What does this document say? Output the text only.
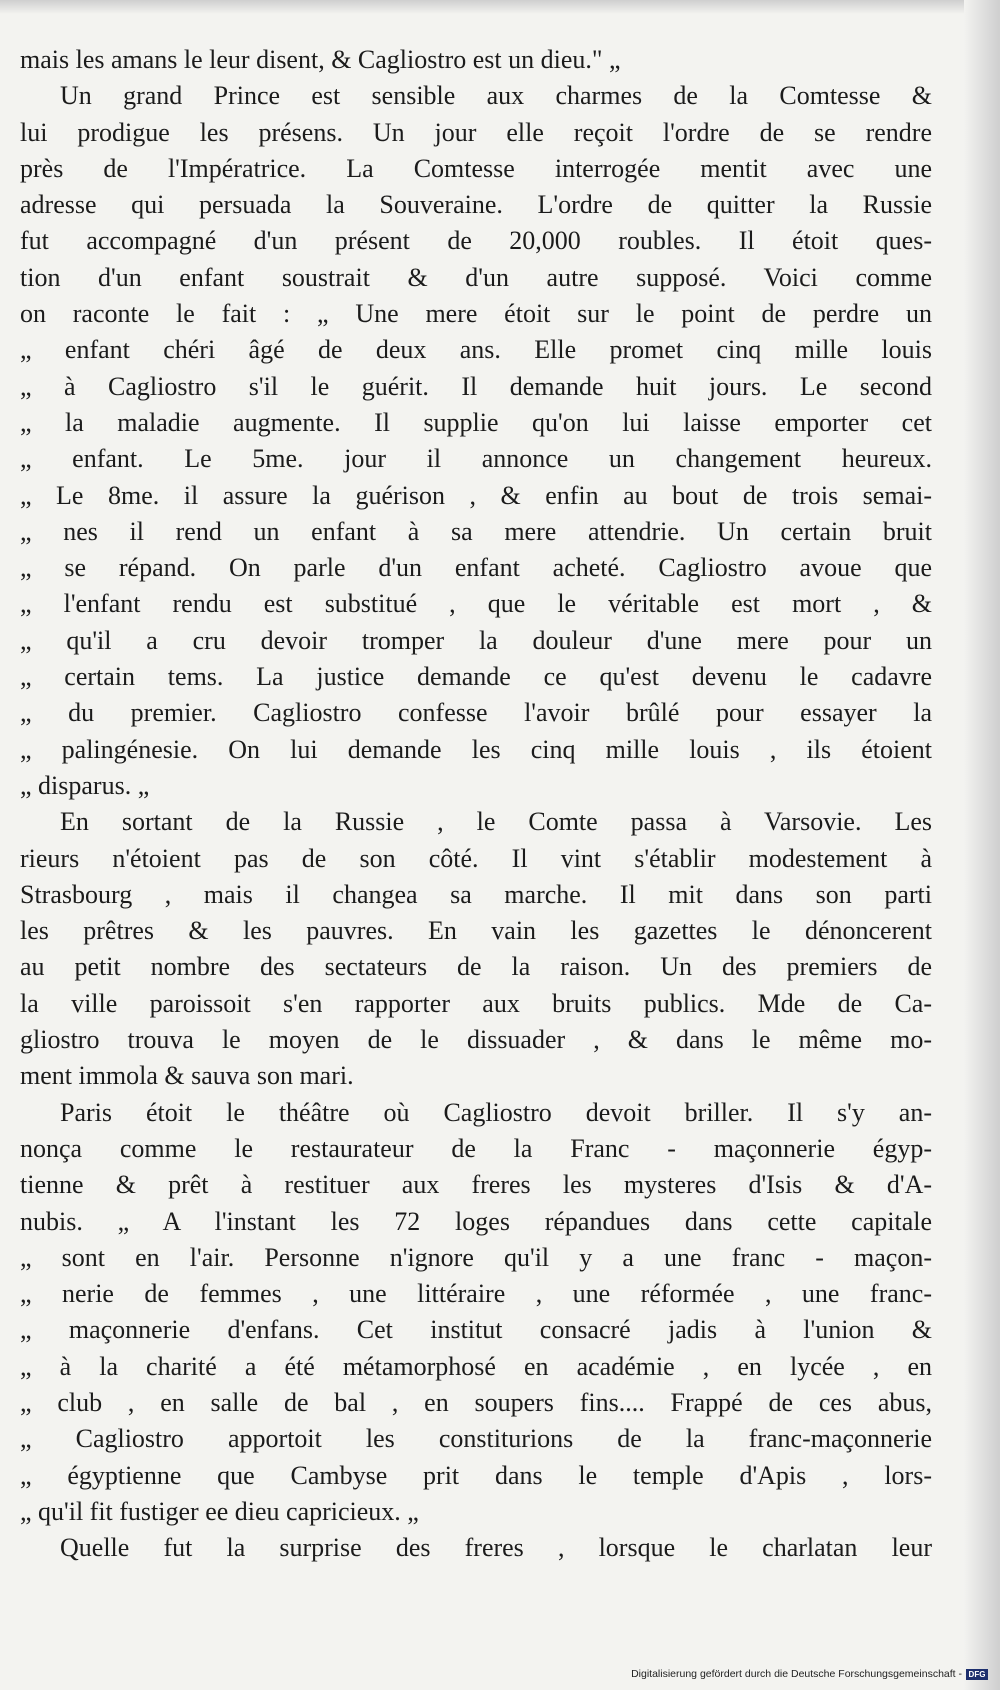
mais les amans le leur disent, & Cagliostro est un dieu." „
Un grand Prince est sensible aux charmes de la Comtesse &
lui prodigue les présens. Un jour elle reçoit l'ordre de se rendre
près de l'Impératrice. La Comtesse interrogée mentit avec une
adresse qui persuada la Souveraine. L'ordre de quitter la Russie
fut accompagné d'un présent de 20,000 roubles. Il étoit ques-
tion d'un enfant soustrait & d'un autre supposé. Voici comme
on raconte le fait : „ Une mere étoit sur le point de perdre un
„ enfant chéri âgé de deux ans. Elle promet cinq mille louis
„ à Cagliostro s'il le guérit. Il demande huit jours. Le second
„ la maladie augmente. Il supplie qu'on lui laisse emporter cet
„ enfant. Le 5me. jour il annonce un changement heureux.
„ Le 8me. il assure la guérison , & enfin au bout de trois semai-
„ nes il rend un enfant à sa mere attendrie. Un certain bruit
„ se répand. On parle d'un enfant acheté. Cagliostro avoue que
„ l'enfant rendu est substitué , que le véritable est mort , &
„ qu'il a cru devoir tromper la douleur d'une mere pour un
„ certain tems. La justice demande ce qu'est devenu le cadavre
„ du premier. Cagliostro confesse l'avoir brûlé pour essayer la
„ palingénesie. On lui demande les cinq mille louis , ils étoient
„ disparus. „
En sortant de la Russie , le Comte passa à Varsovie. Les
rieurs n'étoient pas de son côté. Il vint s'établir modestement à
Strasbourg , mais il changea sa marche. Il mit dans son parti
les prêtres & les pauvres. En vain les gazettes le dénoncerent
au petit nombre des sectateurs de la raison. Un des premiers de
la ville paroissoit s'en rapporter aux bruits publics. Mde de Ca-
gliostro trouva le moyen de le dissuader , & dans le même mo-
ment immola & sauva son mari.
Paris étoit le théâtre où Cagliostro devoit briller. Il s'y an-
nonça comme le restaurateur de la Franc - maçonnerie égyp-
tienne & prêt à restituer aux freres les mysteres d'Isis & d'A-
nubis. „ A l'instant les 72 loges répandues dans cette capitale
„ sont en l'air. Personne n'ignore qu'il y a une franc - maçon-
„ nerie de femmes , une littéraire , une réformée , une franc-
„ maçonnerie d'enfans. Cet institut consacré jadis à l'union &
„ à la charité a été métamorphosé en académie , en lycée , en
„ club , en salle de bal , en soupers fins.... Frappé de ces abus,
„ Cagliostro apportoit les constiturions de la franc-maçonnerie
„ égyptienne que Cambyse prit dans le temple d'Apis , lors-
„ qu'il fit fustiger ee dieu capricieux. „
Quelle fut la surprise des freres , lorsque le charlatan leur
Digitalisierung gefördert durch die Deutsche Forschungsgemeinschaft - DFG
